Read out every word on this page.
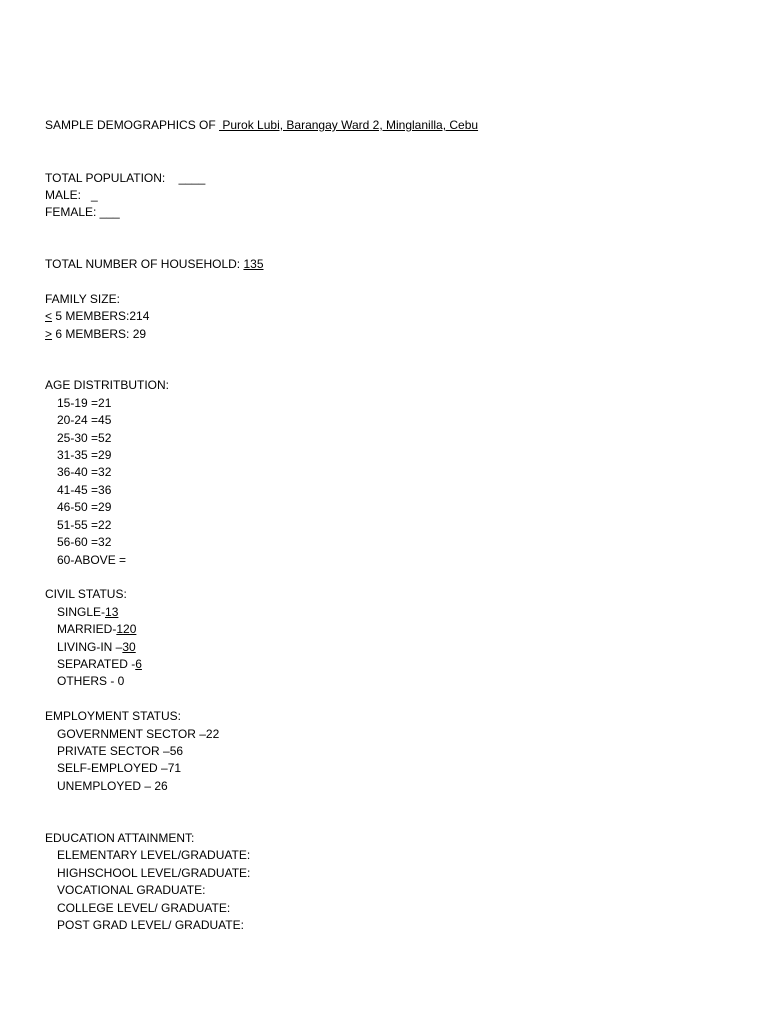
SAMPLE DEMOGRAPHICS OF  Purok Lubi, Barangay Ward 2, Minglanilla, Cebu
TOTAL POPULATION:    ____
MALE:   _
FEMALE: ___
TOTAL NUMBER OF HOUSEHOLD: 135
FAMILY SIZE:
≤ 5 MEMBERS:214
≥ 6 MEMBERS: 29
AGE DISTRITBUTION:
15-19 =21
20-24 =45
25-30 =52
31-35 =29
36-40 =32
41-45 =36
46-50 =29
51-55 =22
56-60 =32
60-ABOVE =
CIVIL STATUS:
SINGLE-13
MARRIED-120
LIVING-IN –30
SEPARATED -6
OTHERS - 0
EMPLOYMENT STATUS:
GOVERNMENT SECTOR –22
PRIVATE SECTOR –56
SELF-EMPLOYED –71
UNEMPLOYED – 26
EDUCATION ATTAINMENT:
ELEMENTARY LEVEL/GRADUATE:
HIGHSCHOOL LEVEL/GRADUATE:
VOCATIONAL GRADUATE:
COLLEGE LEVEL/ GRADUATE:
POST GRAD LEVEL/ GRADUATE:
